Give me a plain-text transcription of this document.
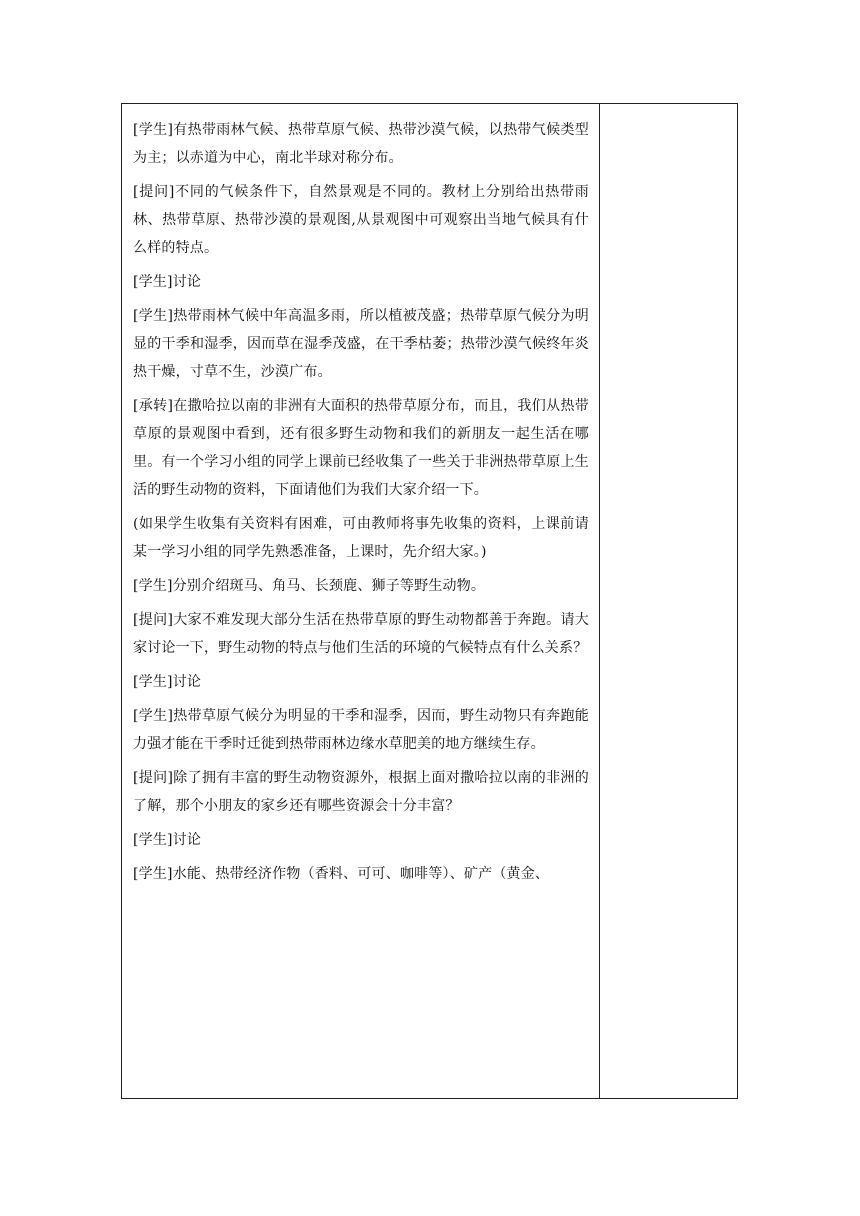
[学生]有热带雨林气候、热带草原气候、热带沙漠气候，以热带气候类型为主；以赤道为中心，南北半球对称分布。

[提问]不同的气候条件下，自然景观是不同的。教材上分别给出热带雨林、热带草原、热带沙漠的景观图,从景观图中可观察出当地气候具有什么样的特点。

[学生]讨论

[学生]热带雨林气候中年高温多雨，所以植被茂盛；热带草原气候分为明显的干季和湿季，因而草在湿季茂盛，在干季枯萎；热带沙漠气候终年炎热干燥，寸草不生，沙漠广布。

[承转]在撒哈拉以南的非洲有大面积的热带草原分布，而且，我们从热带草原的景观图中看到，还有很多野生动物和我们的新朋友一起生活在哪里。有一个学习小组的同学上课前已经收集了一些关于非洲热带草原上生活的野生动物的资料，下面请他们为我们大家介绍一下。

(如果学生收集有关资料有困难，可由教师将事先收集的资料，上课前请某一学习小组的同学先熟悉准备，上课时，先介绍大家。)

[学生]分别介绍斑马、角马、长颈鹿、狮子等野生动物。

[提问]大家不难发现大部分生活在热带草原的野生动物都善于奔跑。请大家讨论一下，野生动物的特点与他们生活的环境的气候特点有什么关系？

[学生]讨论

[学生]热带草原气候分为明显的干季和湿季，因而，野生动物只有奔跑能力强才能在干季时迁徙到热带雨林边缘水草肥美的地方继续生存。

[提问]除了拥有丰富的野生动物资源外，根据上面对撒哈拉以南的非洲的了解，那个小朋友的家乡还有哪些资源会十分丰富？

[学生]讨论

[学生]水能、热带经济作物（香料、可可、咖啡等）、矿产（黄金、
